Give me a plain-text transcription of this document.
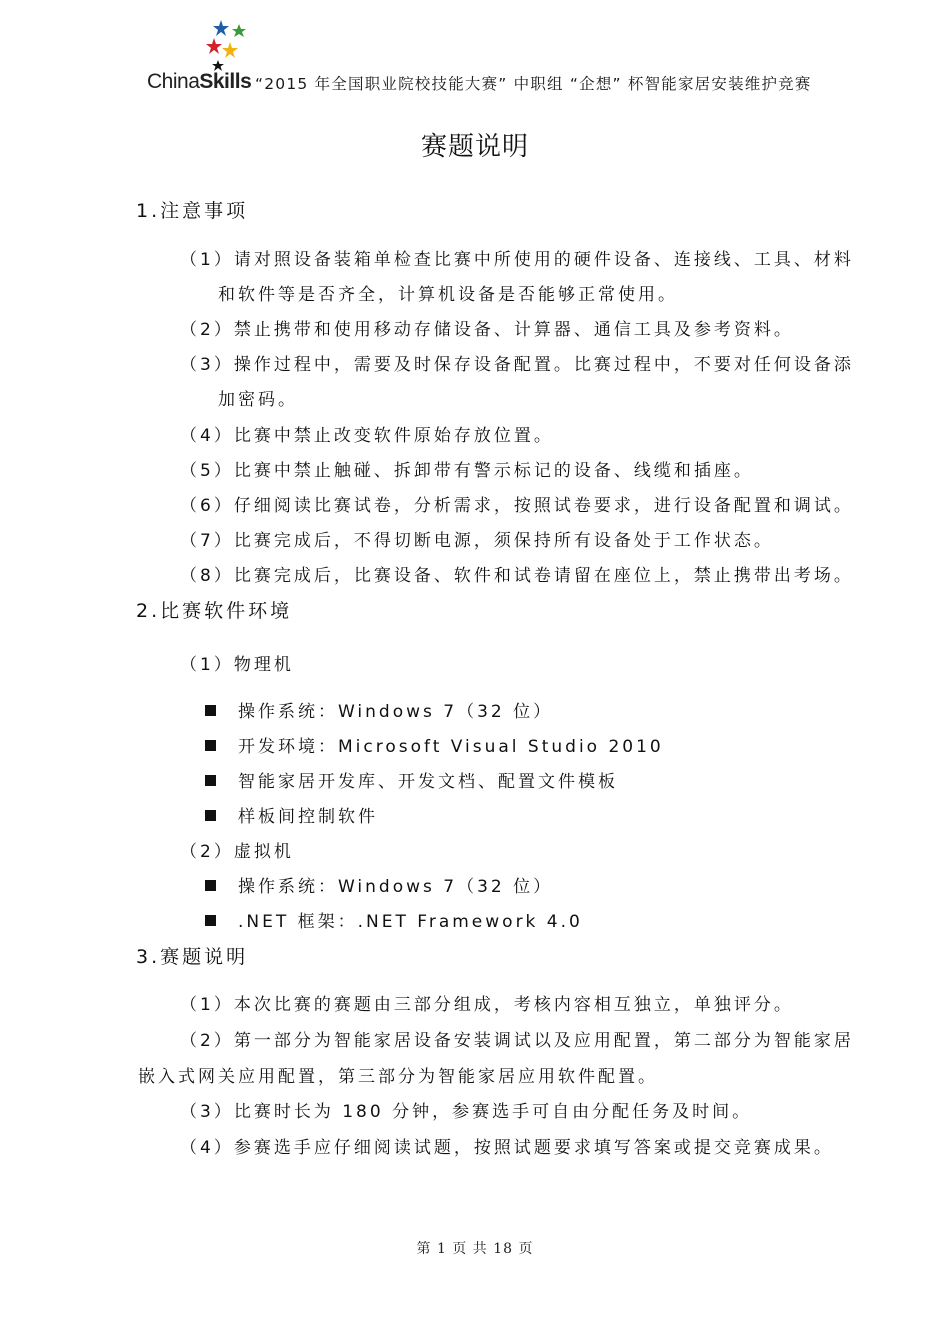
ChinaSkills “2015 年全国职业院校技能大赛” 中职组 “企想” 杯智能家居安装维护竞赛
赛题说明
1.注意事项
（1）请对照设备装箱单检查比赛中所使用的硬件设备、连接线、工具、材料
和软件等是否齐全，计算机设备是否能够正常使用。
（2）禁止携带和使用移动存储设备、计算器、通信工具及参考资料。
（3）操作过程中，需要及时保存设备配置。比赛过程中，不要对任何设备添
加密码。
（4）比赛中禁止改变软件原始存放位置。
（5）比赛中禁止触碰、拆卸带有警示标记的设备、线缆和插座。
（6）仔细阅读比赛试卷，分析需求，按照试卷要求，进行设备配置和调试。
（7）比赛完成后，不得切断电源，须保持所有设备处于工作状态。
（8）比赛完成后，比赛设备、软件和试卷请留在座位上，禁止携带出考场。
2.比赛软件环境
（1）物理机
操作系统：Windows 7（32 位）
开发环境：Microsoft Visual Studio 2010
智能家居开发库、开发文档、配置文件模板
样板间控制软件
（2）虚拟机
操作系统：Windows 7（32 位）
.NET 框架：.NET Framework 4.0
3.赛题说明
（1）本次比赛的赛题由三部分组成，考核内容相互独立，单独评分。
（2）第一部分为智能家居设备安装调试以及应用配置，第二部分为智能家居
嵌入式网关应用配置，第三部分为智能家居应用软件配置。
（3）比赛时长为 180 分钟，参赛选手可自由分配任务及时间。
（4）参赛选手应仔细阅读试题，按照试题要求填写答案或提交竞赛成果。
第 1 页 共 18 页
